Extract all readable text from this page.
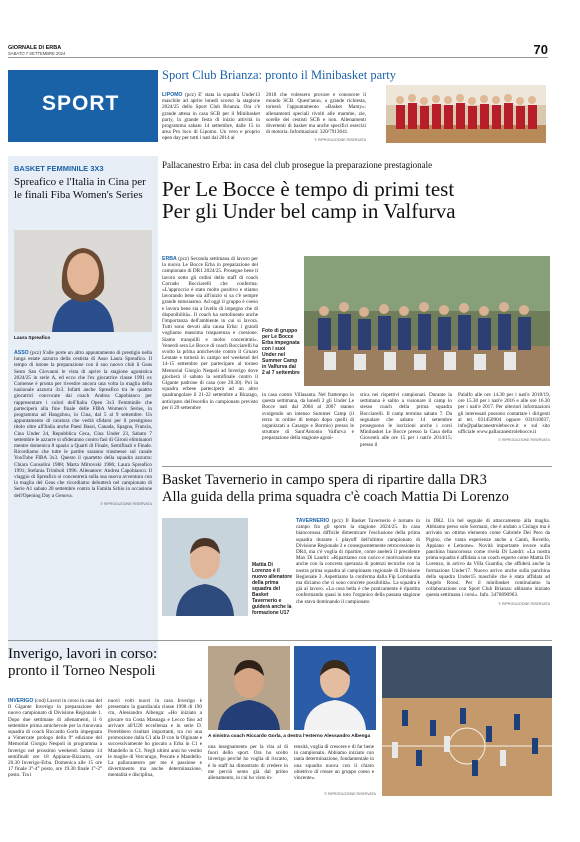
GIORNALE DI ERBA
SABATO 7 SETTEMBRE 2024	70
SPORT
Sport Club Brianza: pronto il Minibasket party
LIPOMO (pcz) E' stata la squadra Under13 maschile ad aprire lunedì scorso la stagione 2024/25 dello Sport Club Brianza. Ora c'è grande attesa in casa SCB per il Minibasket party, la grande festa di inizio attività in programma sabato 14 settembre, dalle 15 in area Pro loco di Lipomo. Un vero e proprio open day per tutti i nati dal 2014 al
2018 che volessero provare e conoscere il mondo SCB. Quest'anno, a grande richiesta, tornerà l'appuntamento «Basket Mamy»: allenamenti speciali rivolti alle mamme, zie, sorelle dei cestisti SCB e non. Allenamenti divertenti di basket ma anche specifici esercizi di motoria. Informazioni: 320/7913641.
© RIPRODUZIONE RISERVATA
BASKET FEMMINILE 3X3
Spreafico e l'Italia in Cina per le finali Fiba Women's Series
Laura Spreafico
ASSO (pcz) S'alle porte un altro appuntamento di prestigio nella lunga estate azzurra della cestista di Asso Laura Spreafico. Il tempo di intone la preparazione con il suo nuovo club il Geas Sesto San Giovanni le vista di aprire la stagione agonistica 2024/25 in serie A, ed ecco che l'ex giocatrice classe 1991 ex Comense è pronta per rivestire ancora una volta la maglia della nazionale azzurra 3x3. Infatti anche Spreafico tra le quattro giocatrici convocate dai coach Andrea Capobianco per rappresentare i colori dell'Italia Open 3x3 Femminile che parteciperà alla fine finale delle FIBA Women's Series, in programma ad Hangzhou, in Cina, dal 5 al 9 settembre. Un appuntamento di caratura che vedrà sfidarsi per il prestigioso titolo oltre all'Italia anche Paesi Bassi, Canada, Spagna, Francia, Cina Under 24, Repubblica Ceca, Cina Under 23, Sabato 7 settembre le azzurre si sfideranno contro fasi di Gironi eliminatori mentre domenica 8 spazio a Quarti di Finale, Semifinali e Finale. Ricordiamo che tutte le partite saranno trasmesse sul canale YouTube FIBA 3x3. Questo il quartetto della squadra azzurra: Chiara Consolini 1988; Marta Mitrovski 1986; Laura Spreafico 1991; Stefania Trimboli 1996. Allenatore: Andrea Capobianco. Il viaggio di Spreafico si concentrerà sulla sua nuova avventura con la maglia del Geas che ricordiamo debutterà nel campionato di Serie A1 sabato 28 settembre contro la Famila Schio in occasione dell'Opening Day a Genova.
© RIPRODUZIONE RISERVATA
Pallacanestro Erba: in casa del club prosegue la preparazione prestagionale
Per Le Bocce è tempo di primi test
Per gli Under bel camp in Valfurva
ERBA (pcz) Seconda settimana di lavoro per la nuova Le Bocce Erba in preparazione del campionato di DR1 2024/25. Prosegue bene il lavoro sotto gli ordini dello staff di coach Corrado Bocciarelli che conferma: «L'approccio è stato molto positivo e stiamo lavorando bene sia all'inizio si sa c'è sempre grande entusiasmo. Ad oggi il gruppo è coeso e lavora bene sia a livello di impegno che di disponibilità». Il coach ha sottolineato anche l'importanza dell'ambiente in cui si lavora. Tutti sono devoti alla causa Erba: i grandi vogliamo massima trasparenza e coesione. Siamo tranquilli e molto concentrati». Venerdì sera Le Bocce di coach Bocciarelli ha svolto la prima amichevole contro il Gruaro Lentate e tornerà in campo nel weekend del 14-15 settembre per partecipare al torneo Memorial Giorgio Nespoli ad Inverigo dove giocherà il sabato la semifinale contro il Gigante padrone di casa (ore 20.30). Poi la squadra erbese parteciperà ad un altro quadrangolare il 21-22 settembre a Binzago, anticipato dell'esordio in campionato previsto per il 29 settembre
Foto di gruppo per Le Bocce Erba impegnata con i suoi Under nel Summer Camp in Valfurva dal 2 al 7 settembre
in casa contro Villasanta. Nel frattempo in questa settimana, da lunedì 2 gli Under Le Bocce nati dal 2004 al 2007 stanno svolgendo un intenso Summer Camp (il terzo in ordine di tempo dopo quelli di organizzati a Casargo e Bormio) presso le strutture di Sant'Antonio Valfurva e preparazione della stagione agoni-
stica nei rispettivi campionati. Durante la settimana è salito a visionare il camp lo stesso coach della prima squadra Bocciarelli. Il camp termina sabato 7. Da segnalare che sabato 14 settembre proseguono le iscrizioni anche i corsi Minibasket Le Bocce presso la Casa della Gioventù alle ore 15 per i nati'e 2014/15; presso il
Palalfo alle ore 14.30 per i nati'e 2018/19, ore 15.30 per i nati'e 2016 e alle ore 16.30 per i nati'e 2017. Per ulteriori informazioni gli interessati possono contattare i dirigenti al tel. 031450904 oppure 031610037, info@pallacanestrolebocce.it o sul sito ufficiale www.pallacanestrolebocce.it
© RIPRODUZIONE RISERVATA
Basket Tavernerio in campo spera di ripartire dalla DR3
Alla guida della prima squadra c'è coach Mattia Di Lorenzo
Mattia Di Lorenzo è il nuovo allenatore della prima squadra del Basket Tavernerio e guiderà anche la formazione U17
TAVERNERIO (pcz) Il Basket Tavernerio è tornato in campo fra gli sports la stagione 2024/25. In casa biancorossa difficile dimenticare l'esclusione della prima squadra durante i playoff dell'ultimo campionato di Divisione Regionale 2 e conseguentemente retrocessione in DR4, ma c'è voglia di ripartire, come anelerà il presidente Max Di Landri: «Ripartiamo con carico e motivazione ma anche con la concreta speranza di potenzi tecniche con la nostra prima squadra al campionato regionale di Divisione Regionale 3. Aspettiamo la conferma dalla Fip Lombardia ma diciamo che ci sono concrete possibilità». La squadra è già al lavoro. «La cosa bella è che praticamente è ripartita confermando quasi in toto l'organico della passata stagione che stava dominando il campionato
in DR2. Un bel segnale di attaccamento alla maglia. Abbiamo perso solo Sormani, che è andato a Cislago ma è arrivato un ottimo elemento come Gabriele Del Pero da Pigino, che vanta esperienze anche a Cantù, Rovello, Appiano e Lemone». Novità importante invece sulla panchina biancorossa come rivela Di Landri: «La nostra prima squadra è affidata a un coach esperto come Mattia Di Lorenzo, in arrivo da Villa Guardia, che affiderà anche la formazione Under17. Nuovo arrivo anche sulla panchina della squadra Under15 maschile che è stata affidata ad Angelo Rossi. Per il minibasket continuiamo la collaborazione con Sport Club Brianza: abbiamo iniziato questa settimana i corsi». Info. 3470890963.
© RIPRODUZIONE RISERVATA
Inverigo, lavori in corso:
pronto il Torneo Nespoli
INVERIGO (cod) Lavori in corso in casa del Il Gigante Inverigo in preparazione del nuovo campionato di Divisione Regionale 1. Dopo due settimane di allenamenti, il 6 settembre prima amichevole per la rinnovata squadra di coach Riccardo Gorla impegnata a Vimercate prologo della 9ª edizione del Memorial Giorgio Nespoli in programma a Inverigo nel prossimo weekend. Sabato 14 semifinali ore 18 Appiano-Bizzarro, ore 20.30 Inverigo-Erba. Domenica alle 15 ore 17 finale 3°-4° posto, ore 19.30 finale 1°-2° posto. Tra i
nuovi volti nuovi in casa Inverigo è presentato la guardia/ala classe 1998 di 190 cm, Alessandro Albenga: «Ho iniziato a giocare tra Costa Masnaga e Lecco fino ad arrivare all'U20 eccellenza e in serie D. Potrebbero risultati importanti, tra cui una promozione dalla C1 alla D con la Olginate e successivamente ho giocato a Erba in C1 e Mandello in C1. Negli ultimi anni ho vestito le maglie di Vercurago, Pescate e Mandello. La pallacanestro per me è passione e divertimento ma anche determinazione, mentalità e disciplina,
A sinistra coach Riccardo Gorla, a destra l'esterno Alessandro Albenga
una insegnamento per la vita al di fuori dello sport. Ora ho scelto Inverigo perché ho voglia di riscatto, è lo staff ha dimostrato di credere in me perciò sento già dal primo allenamento, in cui ho visto in-
tensità, voglia di crescere e di far bene in campionato. Abbiamo iniziato con tanta determinazione, fondamentale in una squadra nuova con il chiaro obiettivo di creare un gruppo coeso e vincente».
© RIPRODUZIONE RISERVATA
